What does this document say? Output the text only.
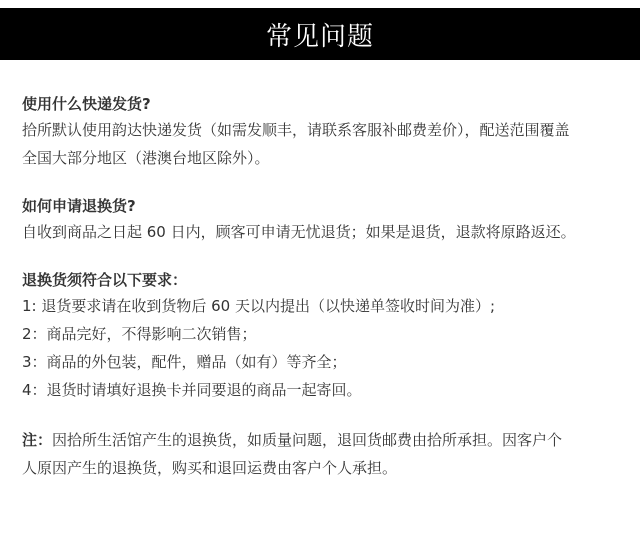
常见问题
使用什么快递发货?
拾所默认使用韵达快递发货（如需发顺丰，请联系客服补邮费差价），配送范围覆盖
全国大部分地区（港澳台地区除外）。
如何申请退换货?
自收到商品之日起 60 日内，顾客可申请无忧退货；如果是退货，退款将原路返还。
退换货须符合以下要求：
1: 退货要求请在收到货物后 60 天以内提出（以快递单签收时间为准）;
2：商品完好，不得影响二次销售；
3：商品的外包装，配件，赠品（如有）等齐全；
4：退货时请填好退换卡并同要退的商品一起寄回。
注：因拾所生活馆产生的退换货，如质量问题，退回货邮费由拾所承担。因客户个
人原因产生的退换货，购买和退回运费由客户个人承担。
